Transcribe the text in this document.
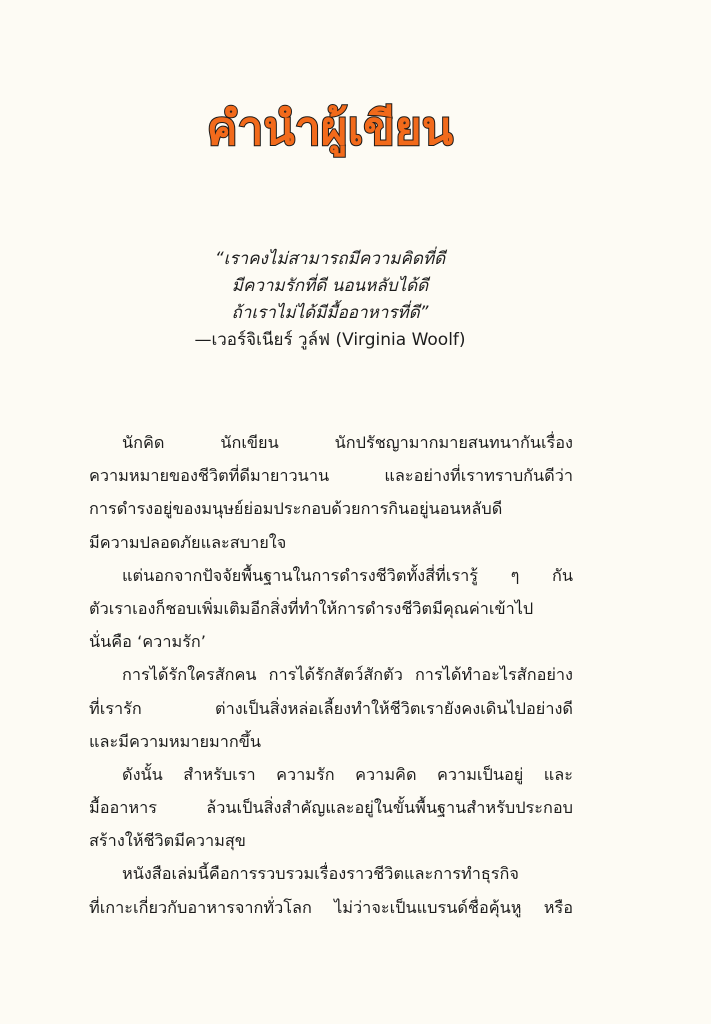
คำนำผู้เขียน
“เราคงไม่สามารถมีความคิดที่ดี
มีความรักที่ดี นอนหลับได้ดี
ถ้าเราไม่ได้มีมื้ออาหารที่ดี”
—เวอร์จิเนียร์ วูล์ฟ (Virginia Woolf)
นักคิด นักเขียน นักปรัชญามากมายสนทนากันเรื่อง
ความหมายของชีวิตที่ดีมายาวนาน และอย่างที่เราทราบกันดีว่า
การดำรงอยู่ของมนุษย์ย่อมประกอบด้วยการกินอยู่นอนหลับดี
มีความปลอดภัยและสบายใจ
แต่นอกจากปัจจัยพื้นฐานในการดำรงชีวิตทั้งสี่ที่เรารู้ ๆ กัน
ตัวเราเองก็ชอบเพิ่มเติมอีกสิ่งที่ทำให้การดำรงชีวิตมีคุณค่าเข้าไป
นั่นคือ ‘ความรัก’
การได้รักใครสักคน การได้รักสัตว์สักตัว การได้ทำอะไรสักอย่าง
ที่เรารัก ต่างเป็นสิ่งหล่อเลี้ยงทำให้ชีวิตเรายังคงเดินไปอย่างดี
และมีความหมายมากขึ้น
ดังนั้น สำหรับเรา ความรัก ความคิด ความเป็นอยู่ และ
มื้ออาหาร ล้วนเป็นสิ่งสำคัญและอยู่ในขั้นพื้นฐานสำหรับประกอบ
สร้างให้ชีวิตมีความสุข
หนังสือเล่มนี้คือการรวบรวมเรื่องราวชีวิตและการทำธุรกิจ
ที่เกาะเกี่ยวกับอาหารจากทั่วโลก ไม่ว่าจะเป็นแบรนด์ชื่อคุ้นหู หรือ
